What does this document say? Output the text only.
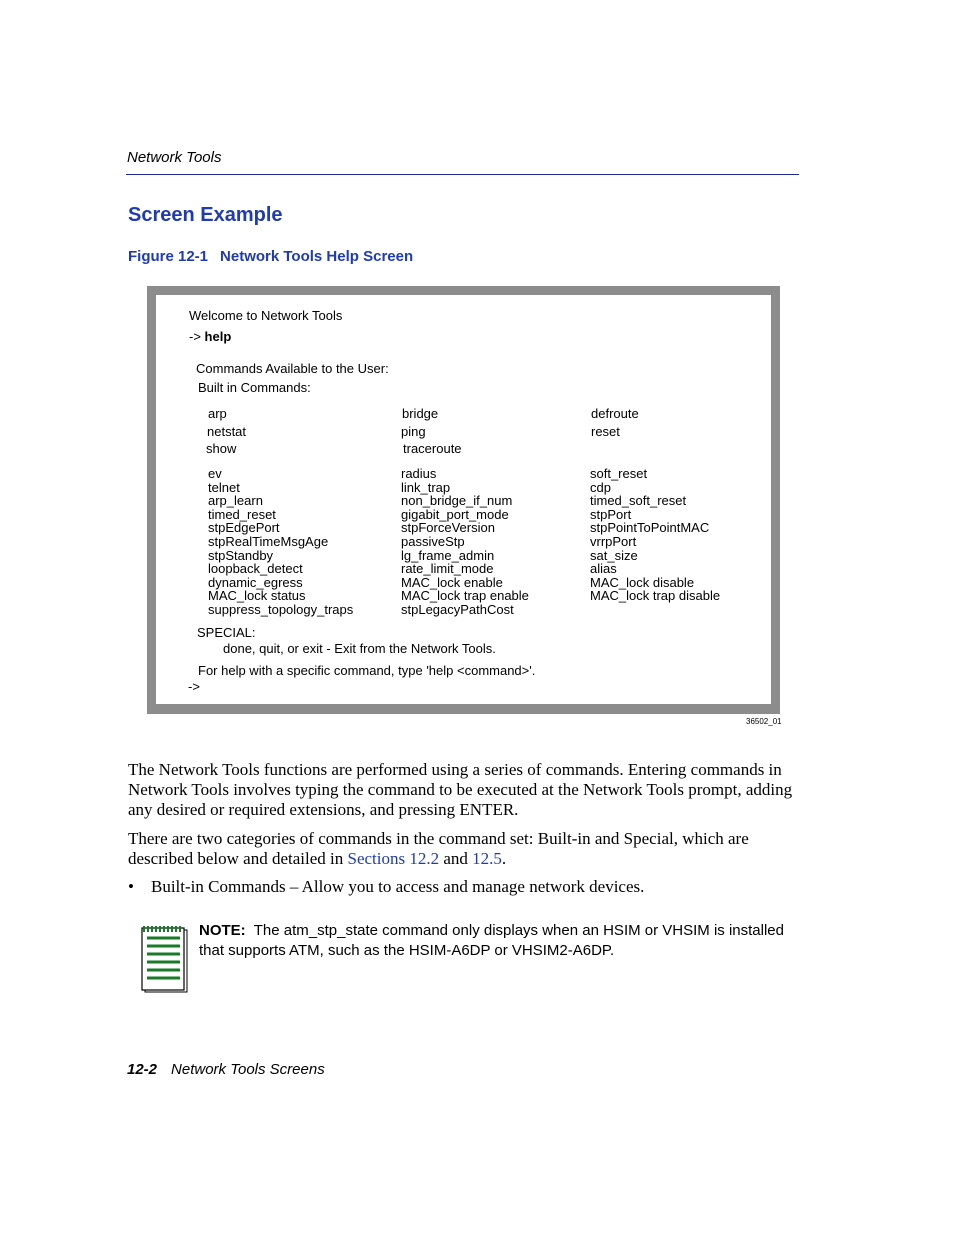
Network Tools
Screen Example
Figure 12-1 Network Tools Help Screen
Welcome to Network Tools
-> help
Commands Available to the User:
Built in Commands:
arp
netstat
show
bridge
ping
traceroute
defroute
reset
ev
telnet
arp_learn
timed_reset
stpEdgePort
stpRealTimeMsgAge
stpStandby
loopback_detect
dynamic_egress
MAC_lock status
suppress_topology_traps
radius
link_trap
non_bridge_if_num
gigabit_port_mode
stpForceVersion
passiveStp
lg_frame_admin
rate_limit_mode
MAC_lock enable
MAC_lock trap enable
stpLegacyPathCost
soft_reset
cdp
timed_soft_reset
stpPort
stpPointToPointMAC
vrrpPort
sat_size
alias
MAC_lock disable
MAC_lock trap disable
SPECIAL:
done, quit, or exit - Exit from the Network Tools.
For help with a specific command, type 'help <command>'.
->
36502_01
The Network Tools functions are performed using a series of commands. Entering commands in Network Tools involves typing the command to be executed at the Network Tools prompt, adding any desired or required extensions, and pressing ENTER.
There are two categories of commands in the command set: Built-in and Special, which are described below and detailed in Sections 12.2 and 12.5.
• Built-in Commands – Allow you to access and manage network devices.
NOTE: The atm_stp_state command only displays when an HSIM or VHSIM is installed that supports ATM, such as the HSIM-A6DP or VHSIM2-A6DP.
12-2 Network Tools Screens
